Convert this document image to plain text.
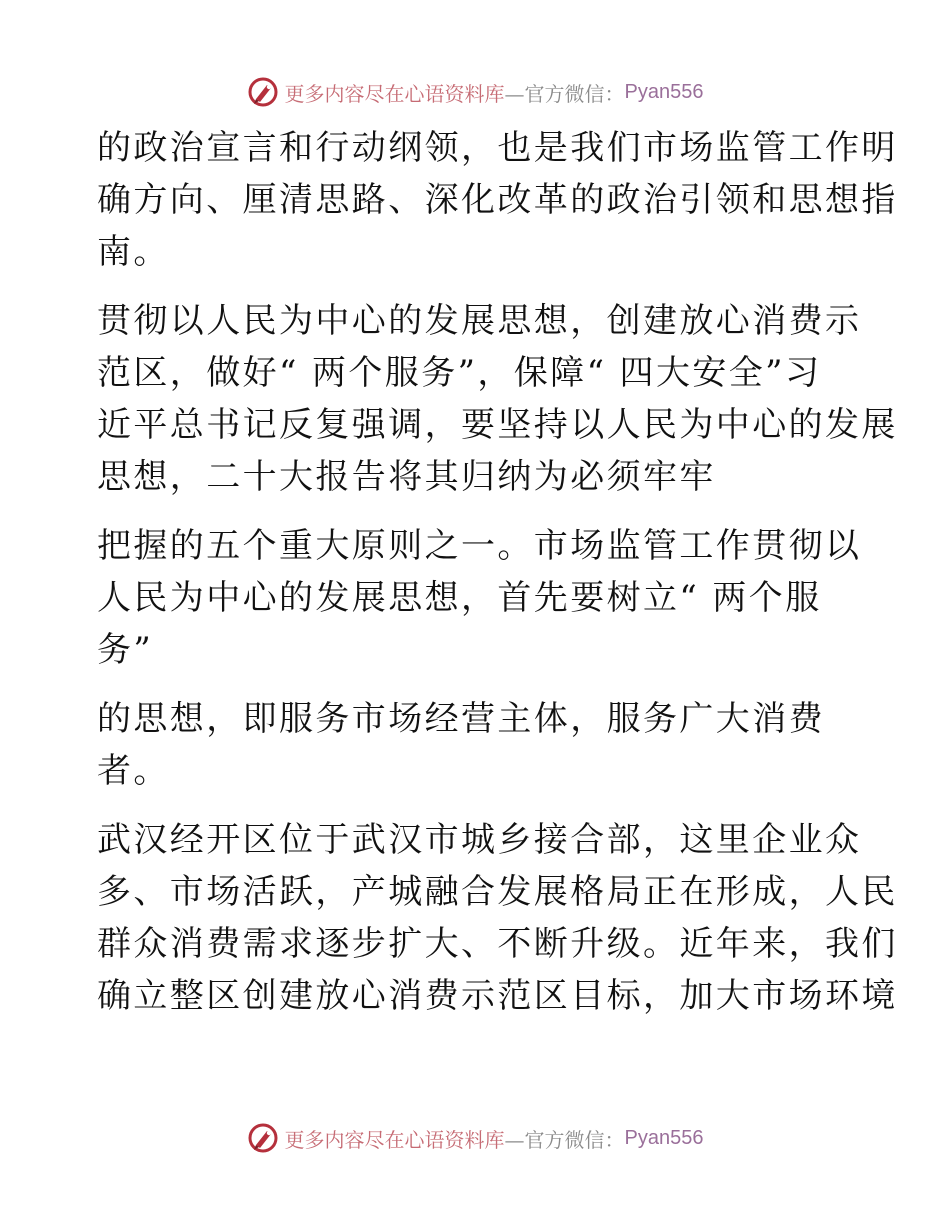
更多内容尽在心语资料库 —官方微信： Pyan556

的政治宣言和行动纲领，也是我们市场监管工作明
确方向、厘清思路、深化改革的政治引领和思想指
南。

贯彻以人民为中心的发展思想，创建放心消费示
范区，做好“ 两个服务”，保障“ 四大安全”习
近平总书记反复强调，要坚持以人民为中心的发展
思想，二十大报告将其归纳为必须牢牢

把握的五个重大原则之一。市场监管工作贯彻以
人民为中心的发展思想，首先要树立“ 两个服
务”

的思想，即服务市场经营主体，服务广大消费
者。

武汉经开区位于武汉市城乡接合部，这里企业众
多、市场活跃，产城融合发展格局正在形成，人民
群众消费需求逐步扩大、不断升级。近年来，我们
确立整区创建放心消费示范区目标，加大市场环境

更多内容尽在心语资料库 —官方微信： Pyan556
